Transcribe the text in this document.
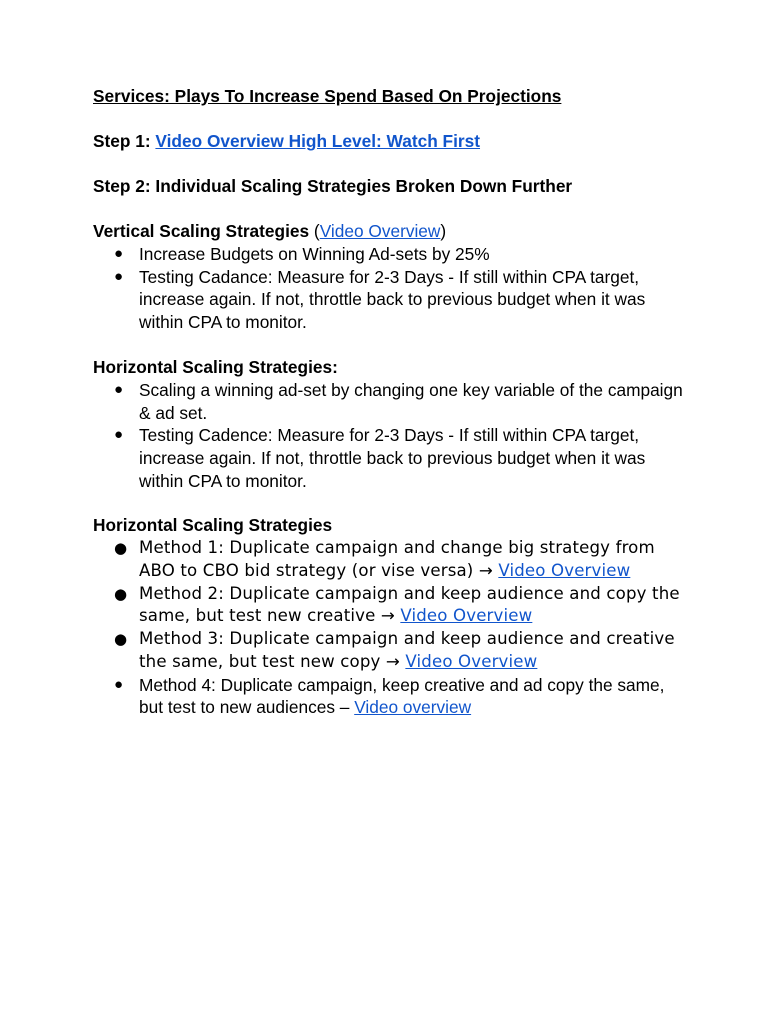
Services: Plays To Increase Spend Based On Projections

Step 1: Video Overview High Level: Watch First

Step 2: Individual Scaling Strategies Broken Down Further

Vertical Scaling Strategies (Video Overview)

● Increase Budgets on Winning Ad-sets by 25%
● Testing Cadance: Measure for 2-3 Days - If still within CPA target, increase again. If not, throttle back to previous budget when it was within CPA to monitor.

Horizontal Scaling Strategies:

● Scaling a winning ad-set by changing one key variable of the campaign & ad set.
● Testing Cadence: Measure for 2-3 Days - If still within CPA target, increase again. If not, throttle back to previous budget when it was within CPA to monitor.

Horizontal Scaling Strategies

● Method 1: Duplicate campaign and change big strategy from ABO to CBO bid strategy (or vise versa) → Video Overview
● Method 2: Duplicate campaign and keep audience and copy the same, but test new creative → Video Overview
● Method 3: Duplicate campaign and keep audience and creative the same, but test new copy → Video Overview
● Method 4: Duplicate campaign, keep creative and ad copy the same, but test to new audiences – Video overview
